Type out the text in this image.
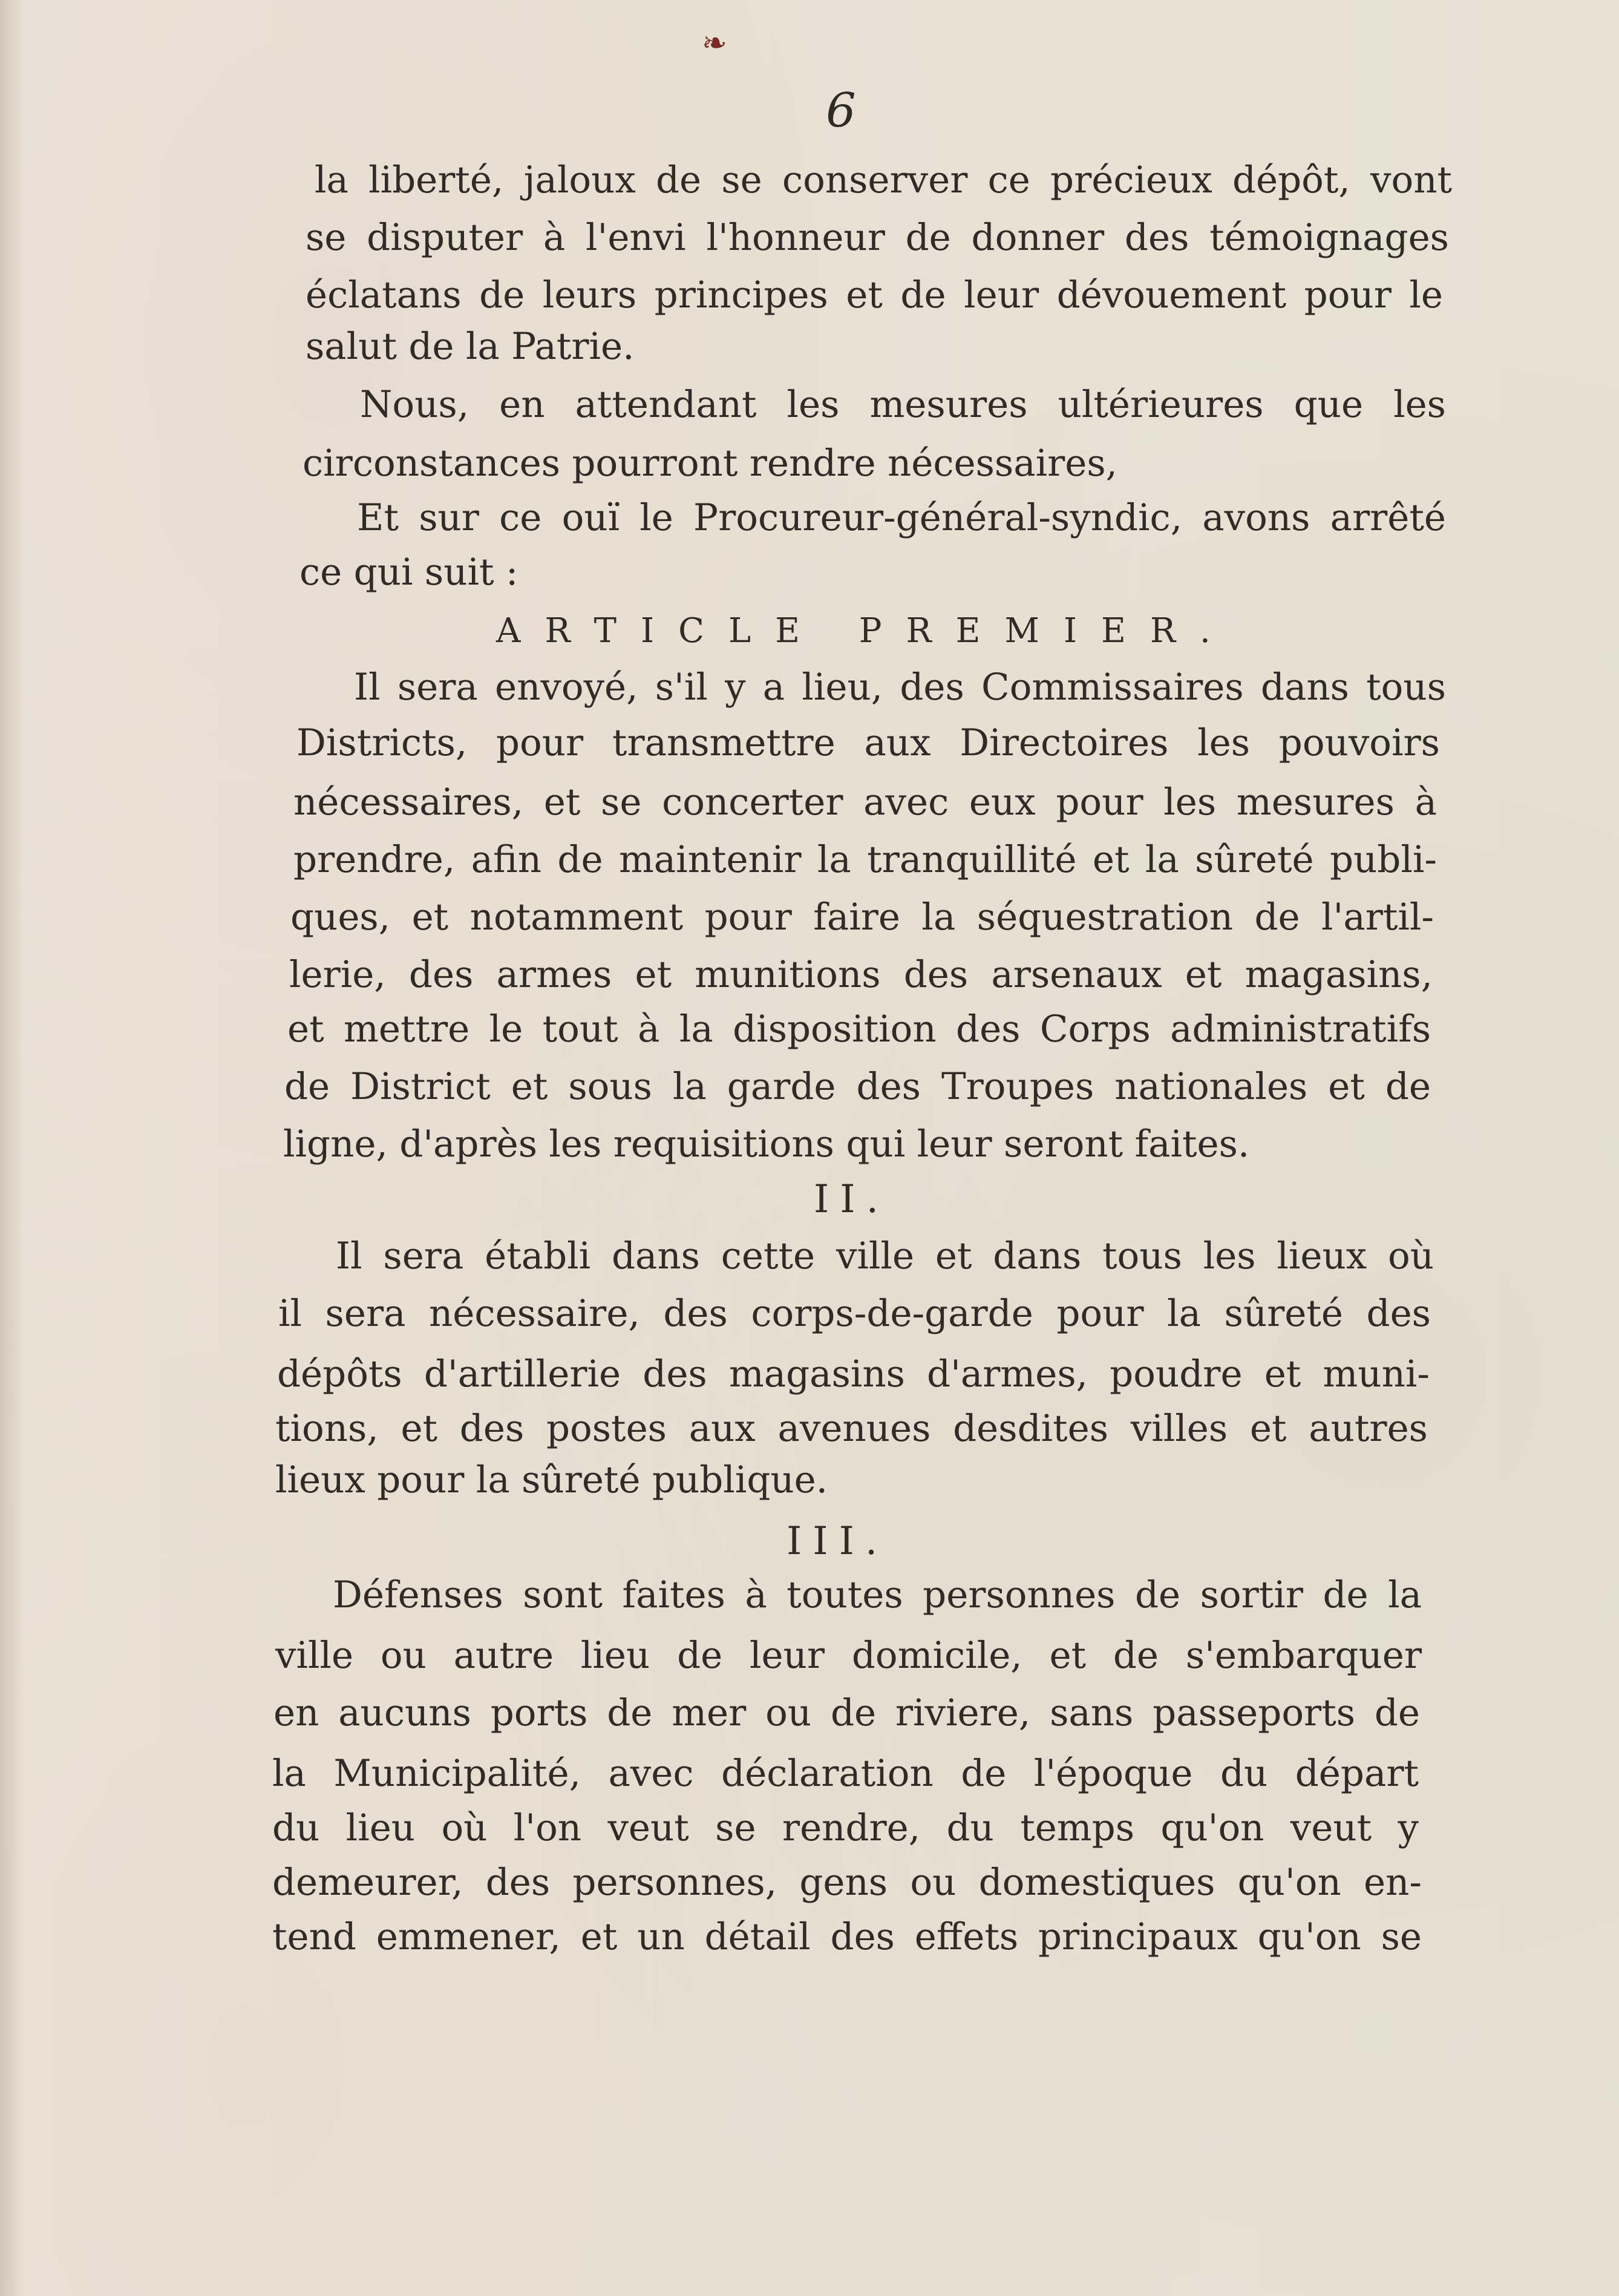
❧
6

la liberté, jaloux de se conserver ce précieux dépôt, vont

se disputer à l'envi l'honneur de donner des témoignages

éclatans de leurs principes et de leur dévouement pour le

salut de la Patrie.

Nous, en attendant les mesures ultérieures que les

circonstances pourront rendre nécessaires,

Et sur ce ouï le Procureur-général-syndic, avons arrêté

ce qui suit :

ARTICLE PREMIER.

Il sera envoyé, s'il y a lieu, des Commissaires dans tous

Districts, pour transmettre aux Directoires les pouvoirs

nécessaires, et se concerter avec eux pour les mesures à

prendre, afin de maintenir la tranquillité et la sûreté publi-

ques, et notamment pour faire la séquestration de l'artil-

lerie, des armes et munitions des arsenaux et magasins,

et mettre le tout à la disposition des Corps administratifs

de District et sous la garde des Troupes nationales et de

ligne, d'après les requisitions qui leur seront faites.

II.

Il sera établi dans cette ville et dans tous les lieux où

il sera nécessaire, des corps-de-garde pour la sûreté des

dépôts d'artillerie des magasins d'armes, poudre et muni-

tions, et des postes aux avenues desdites villes et autres

lieux pour la sûreté publique.

III.

Défenses sont faites à toutes personnes de sortir de la

ville ou autre lieu de leur domicile, et de s'embarquer

en aucuns ports de mer ou de riviere, sans passeports de

la Municipalité, avec déclaration de l'époque du départ

du lieu où l'on veut se rendre, du temps qu'on veut y

demeurer, des personnes, gens ou domestiques qu'on en-

tend emmener, et un détail des effets principaux qu'on se
